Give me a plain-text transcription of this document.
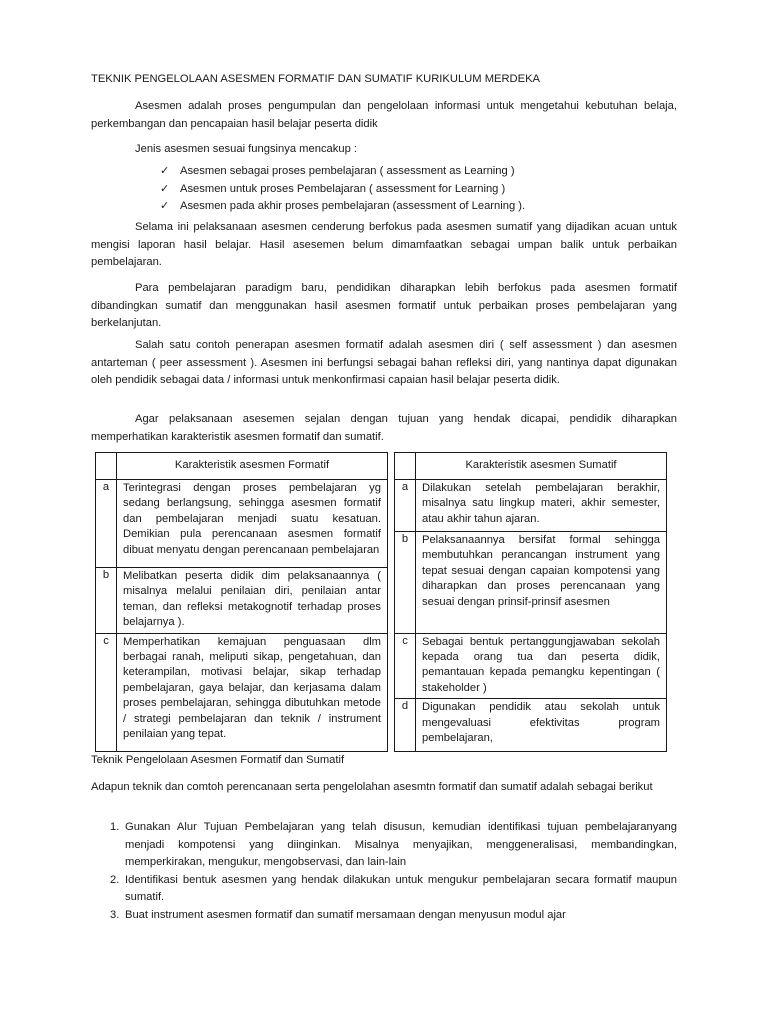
TEKNIK PENGELOLAAN ASESMEN FORMATIF DAN SUMATIF KURIKULUM MERDEKA
Asesmen adalah proses pengumpulan dan pengelolaan informasi untuk mengetahui kebutuhan belaja, perkembangan dan pencapaian hasil belajar peserta didik
Jenis asesmen sesuai fungsinya mencakup :
✓ Asesmen sebagai proses pembelajaran ( assessment as Learning )
✓ Asesmen untuk proses Pembelajaran ( assessment for Learning )
✓ Asesmen pada akhir proses pembelajaran (assessment of Learning ).
Selama ini pelaksanaan asesmen cenderung berfokus pada asesmen sumatif yang dijadikan acuan untuk mengisi laporan hasil belajar. Hasil asesemen belum dimamfaatkan sebagai umpan balik untuk perbaikan pembelajaran.
Para pembelajaran paradigm baru, pendidikan diharapkan lebih berfokus pada asesmen formatif dibandingkan sumatif dan menggunakan hasil asesmen formatif untuk perbaikan proses pembelajaran yang berkelanjutan.
Salah satu contoh penerapan asesmen formatif adalah asesmen diri ( self assessment ) dan asesmen antarteman ( peer assessment ). Asesmen ini berfungsi sebagai bahan refleksi diri, yang nantinya dapat digunakan oleh pendidik sebagai data / informasi untuk menkonfirmasi capaian hasil belajar peserta didik.
Agar pelaksanaan asesemen sejalan dengan tujuan yang hendak dicapai, pendidik diharapkan memperhatikan karakteristik asesmen formatif dan sumatif.
	Karakteristik asesmen Formatif			Karakteristik asesmen Sumatif
a	Terintegrasi dengan proses pembelajaran yg sedang berlangsung, sehingga asesmen formatif dan pembelajaran menjadi suatu kesatuan. Demikian pula perencanaan asesmen formatif dibuat menyatu dengan perencanaan pembelajaran		a	Dilakukan setelah pembelajaran berakhir, misalnya satu lingkup materi, akhir semester, atau akhir tahun ajaran.
			b	Pelaksanaannya bersifat formal sehingga membutuhkan perancangan instrument yang tepat sesuai dengan capaian kompotensi yang diharapkan dan proses perencanaan yang sesuai dengan prinsif-prinsif asesmen
b	Melibatkan peserta didik dim pelaksanaannya ( misalnya melalui penilaian diri, penilaian antar teman, dan refleksi metakognotif terhadap proses belajarnya ).			
c	Memperhatikan kemajuan penguasaan dlm berbagai ranah, meliputi sikap, pengetahuan, dan keterampilan, motivasi belajar, sikap terhadap pembelajaran, gaya belajar, dan kerjasama dalam proses pembelajaran, sehingga dibutuhkan metode / strategi pembelajaran dan teknik / instrument penilaian yang tepat.		c	Sebagai bentuk pertanggungjawaban sekolah kepada orang tua dan peserta didik, pemantauan kepada pemangku kepentingan ( stakeholder )
			d	Digunakan pendidik atau sekolah untuk mengevaluasi efektivitas program pembelajaran,
Teknik Pengelolaan Asesmen Formatif dan Sumatif
Adapun teknik dan comtoh perencanaan serta pengelolahan asesmtn formatif dan sumatif adalah sebagai berikut
1. Gunakan Alur Tujuan Pembelajaran yang telah disusun, kemudian identifikasi tujuan pembelajaranyang menjadi kompotensi yang diinginkan. Misalnya menyajikan, menggeneralisasi, membandingkan, memperkirakan, mengukur, mengobservasi, dan lain-lain
2. Identifikasi bentuk asesmen yang hendak dilakukan untuk mengukur pembelajaran secara formatif maupun sumatif.
3. Buat instrument asesmen formatif dan sumatif mersamaan dengan menyusun modul ajar
